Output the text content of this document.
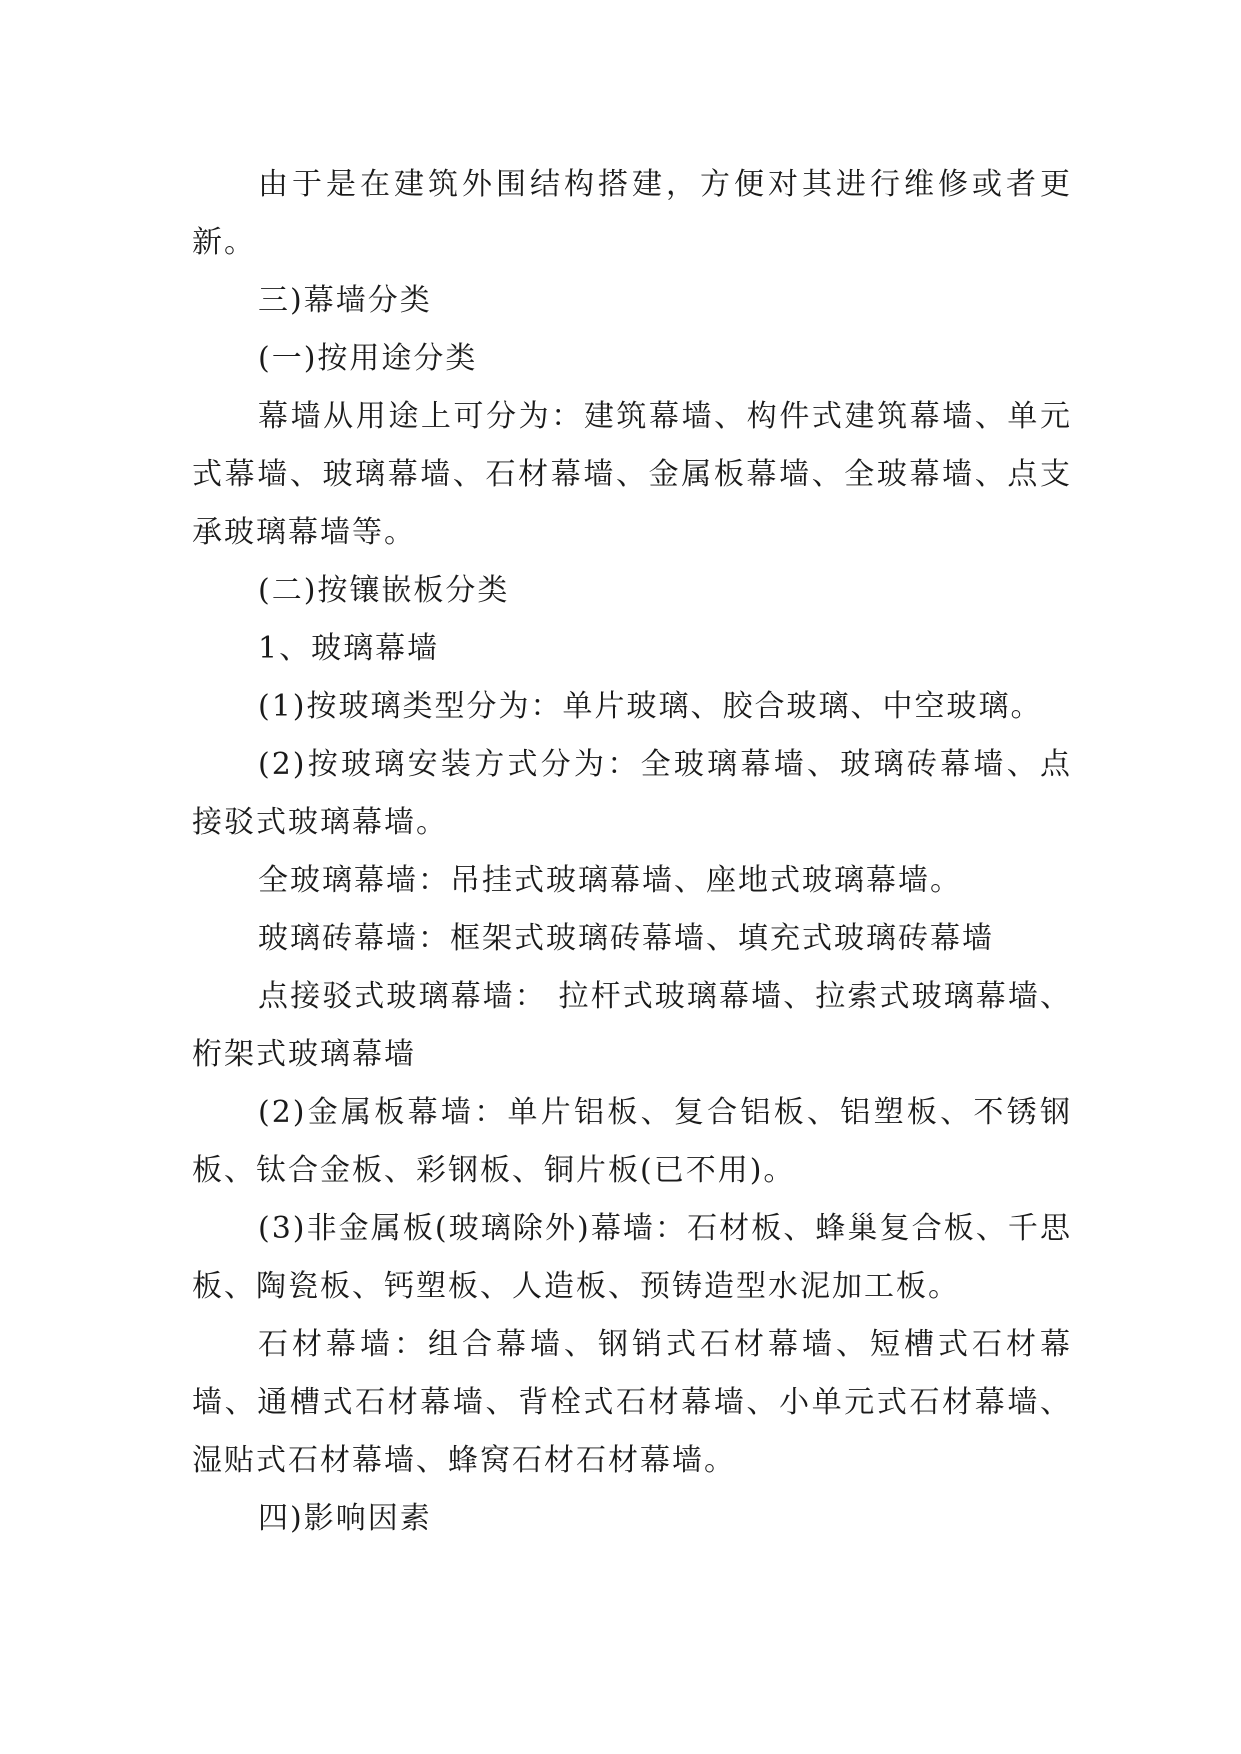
由于是在建筑外围结构搭建，方便对其进行维修或者更新。

三)幕墙分类

(一)按用途分类

幕墙从用途上可分为：建筑幕墙、构件式建筑幕墙、单元式幕墙、玻璃幕墙、石材幕墙、金属板幕墙、全玻幕墙、点支承玻璃幕墙等。

(二)按镶嵌板分类

1、玻璃幕墙

(1)按玻璃类型分为：单片玻璃、胶合玻璃、中空玻璃。

(2)按玻璃安装方式分为：全玻璃幕墙、玻璃砖幕墙、点接驳式玻璃幕墙。

全玻璃幕墙：吊挂式玻璃幕墙、座地式玻璃幕墙。

玻璃砖幕墙：框架式玻璃砖幕墙、填充式玻璃砖幕墙

点接驳式玻璃幕墙： 拉杆式玻璃幕墙、拉索式玻璃幕墙、 桁架式玻璃幕墙

(2)金属板幕墙：单片铝板、复合铝板、铝塑板、不锈钢板、钛合金板、彩钢板、铜片板(已不用)。

(3)非金属板(玻璃除外)幕墙：石材板、蜂巢复合板、千思板、陶瓷板、钙塑板、人造板、预铸造型水泥加工板。

石材幕墙：组合幕墙、钢销式石材幕墙、短槽式石材幕墙、通槽式石材幕墙、背栓式石材幕墙、小单元式石材幕墙、湿贴式石材幕墙、蜂窝石材石材幕墙。

四)影响因素
